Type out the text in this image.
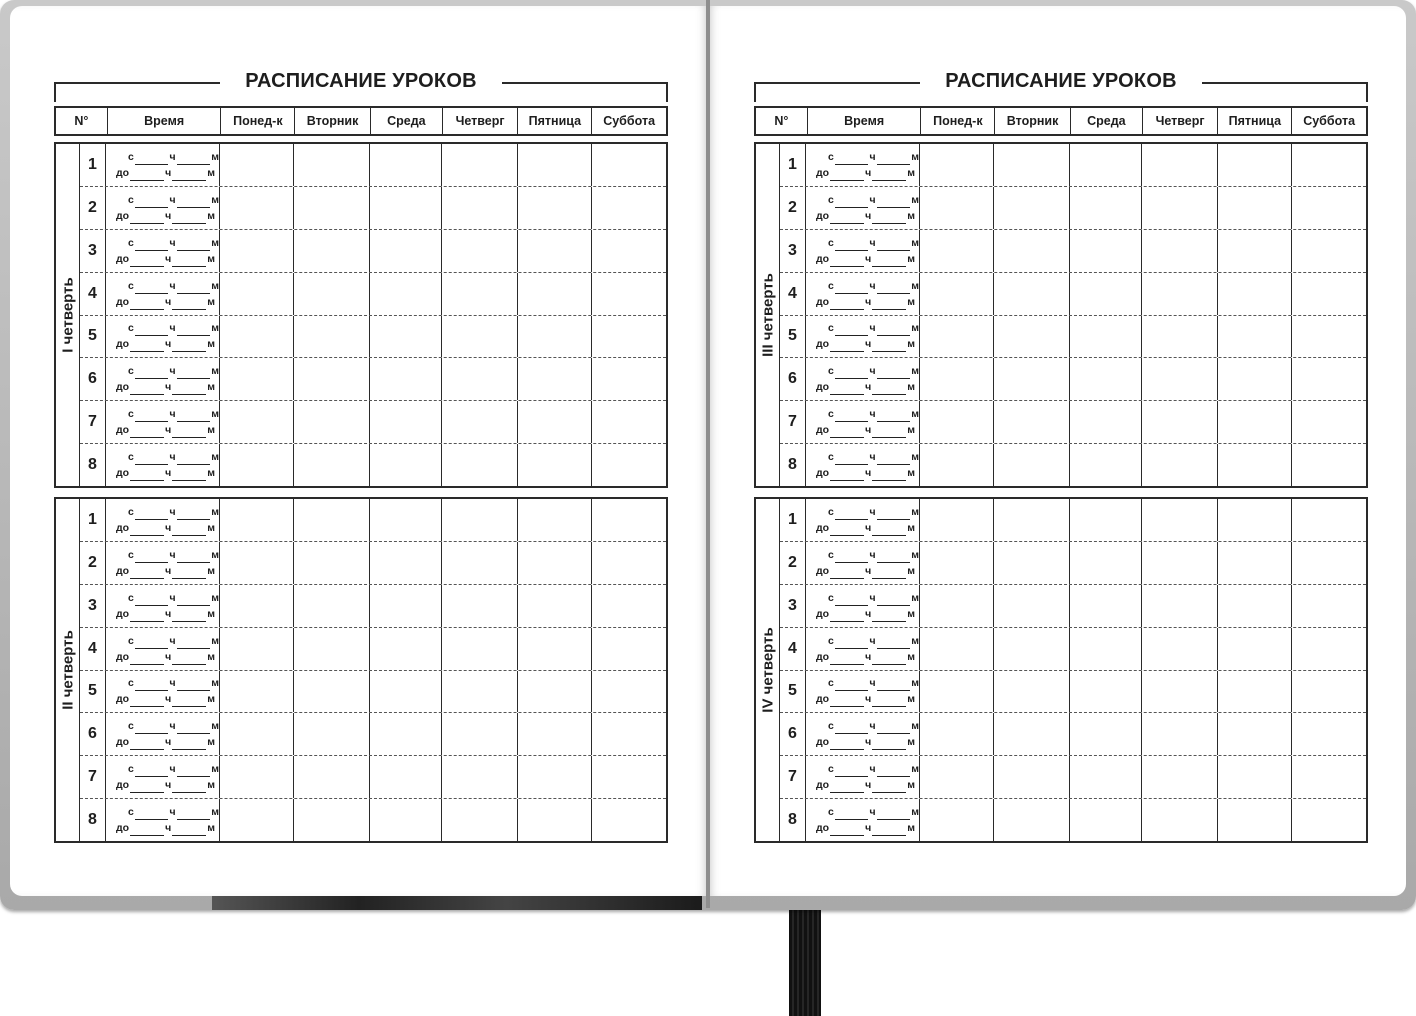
РАСПИСАНИЕ УРОКОВ
N°	Время	Понед-к	Вторник	Среда	Четверг	Пятница	Суббота
I четверть
1	с	ч	м
до	ч	м
2	с	ч	м
до	ч	м
3	с	ч	м
до	ч	м
4	с	ч	м
до	ч	м
5	с	ч	м
до	ч	м
6	с	ч	м
до	ч	м
7	с	ч	м
до	ч	м
8	с	ч	м
до	ч	м
II четверть
1	с	ч	м
до	ч	м
2	с	ч	м
до	ч	м
3	с	ч	м
до	ч	м
4	с	ч	м
до	ч	м
5	с	ч	м
до	ч	м
6	с	ч	м
до	ч	м
7	с	ч	м
до	ч	м
8	с	ч	м
до	ч	м
РАСПИСАНИЕ УРОКОВ
N°	Время	Понед-к	Вторник	Среда	Четверг	Пятница	Суббота
III четверть
1	с	ч	м
до	ч	м
2	с	ч	м
до	ч	м
3	с	ч	м
до	ч	м
4	с	ч	м
до	ч	м
5	с	ч	м
до	ч	м
6	с	ч	м
до	ч	м
7	с	ч	м
до	ч	м
8	с	ч	м
до	ч	м
IV четверть
1	с	ч	м
до	ч	м
2	с	ч	м
до	ч	м
3	с	ч	м
до	ч	м
4	с	ч	м
до	ч	м
5	с	ч	м
до	ч	м
6	с	ч	м
до	ч	м
7	с	ч	м
до	ч	м
8	с	ч	м
до	ч	м
